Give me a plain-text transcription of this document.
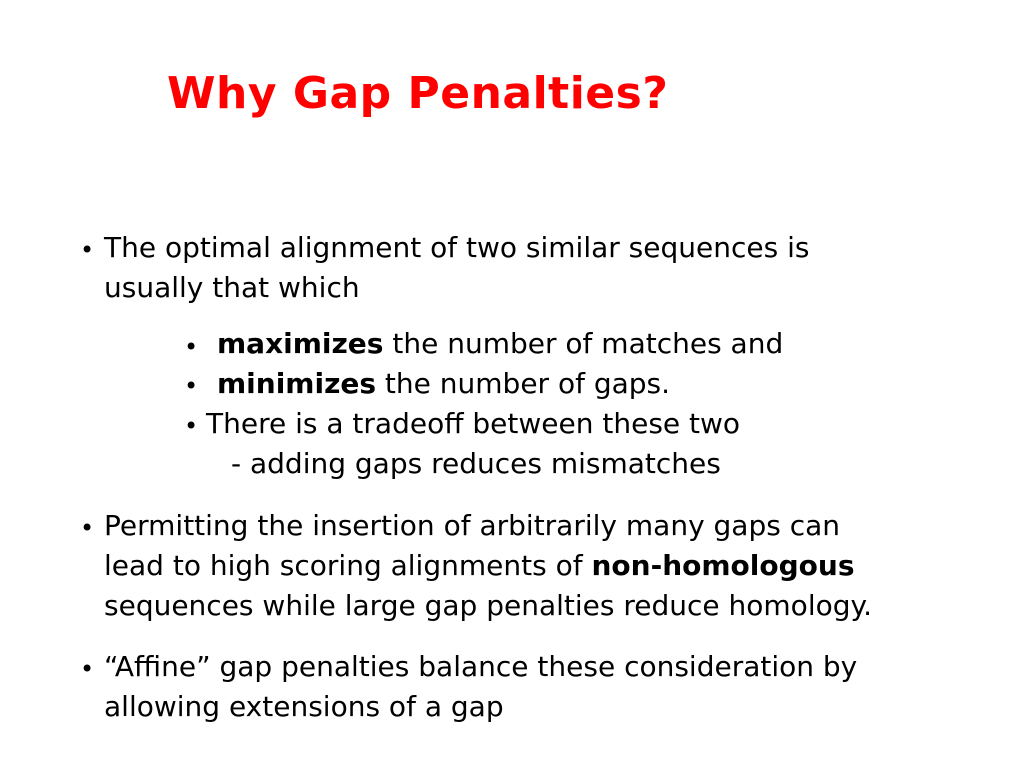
Why Gap Penalties?
• The optimal alignment of two similar sequences is
usually that which
• maximizes the number of matches and
• minimizes the number of gaps.
• There is a tradeoff between these two
- adding gaps reduces mismatches
• Permitting the insertion of arbitrarily many gaps can
lead to high scoring alignments of non-homologous
sequences while large gap penalties reduce homology.
• “Affine” gap penalties balance these consideration by
allowing extensions of a gap
